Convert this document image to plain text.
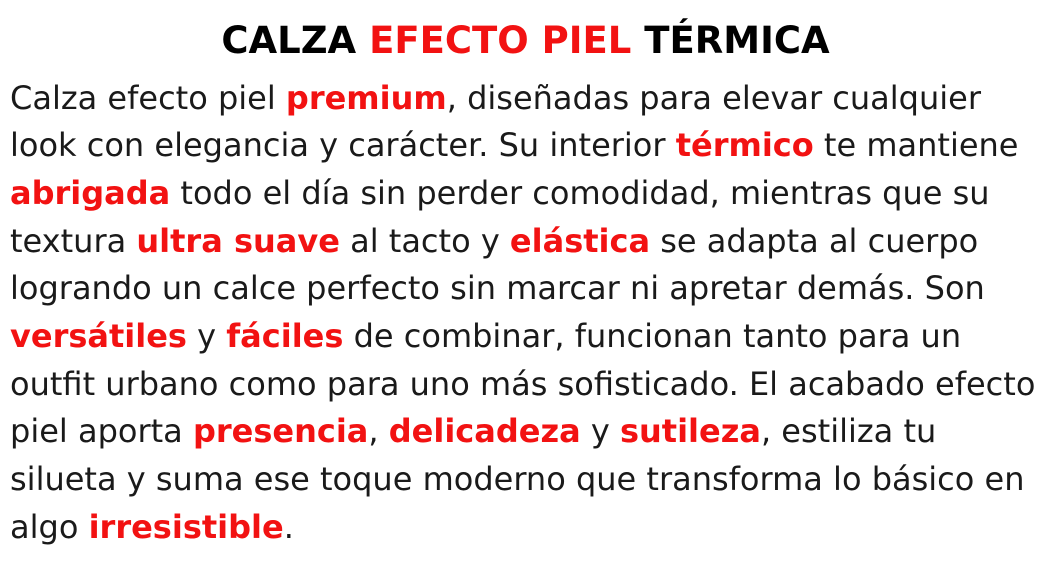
CALZA EFECTO PIEL TÉRMICA

Calza efecto piel premium, diseñadas para elevar cualquier look con elegancia y carácter. Su interior térmico te mantiene abrigada todo el día sin perder comodidad, mientras que su textura ultra suave al tacto y elástica se adapta al cuerpo logrando un calce perfecto sin marcar ni apretar demás. Son versátiles y fáciles de combinar, funcionan tanto para un outfit urbano como para uno más sofisticado. El acabado efecto piel aporta presencia, delicadeza y sutileza, estiliza tu silueta y suma ese toque moderno que transforma lo básico en algo irresistible.
